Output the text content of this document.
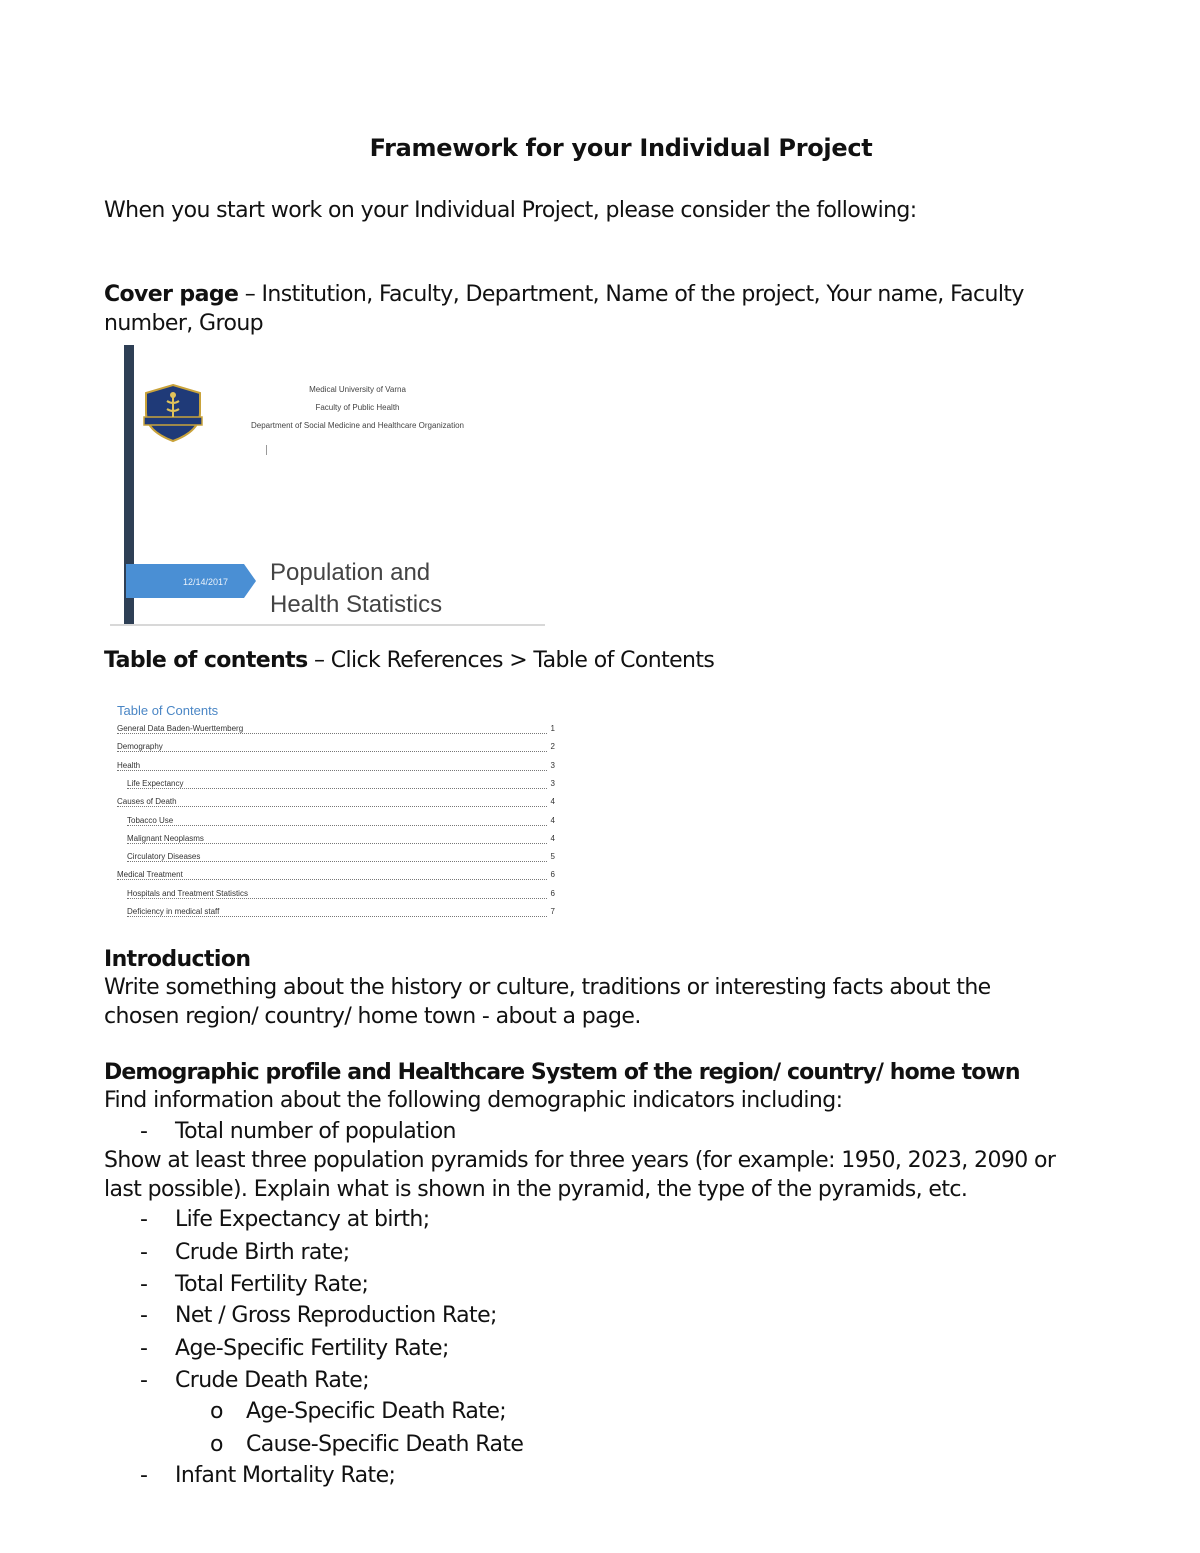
Framework for your Individual Project
When you start work on your Individual Project, please consider the following:
Cover page – Institution, Faculty, Department, Name of the project, Your name, Faculty
number, Group
Medical University of Varna
Faculty of Public Health
Department of Social Medicine and Healthcare Organization
12/14/2017 Population and
Health Statistics
Table of contents – Click References > Table of Contents
Table of Contents
General Data Baden-Wuerttemberg	1
Demography	2
Health	3
Life Expectancy	3
Causes of Death	4
Tobacco Use	4
Malignant Neoplasms	4
Circulatory Diseases	5
Medical Treatment	6
Hospitals and Treatment Statistics	6
Deficiency in medical staff	7
Introduction
Write something about the history or culture, traditions or interesting facts about the
chosen region/ country/ home town - about a page.
Demographic profile and Healthcare System of the region/ country/ home town
Find information about the following demographic indicators including:
- Total number of population
Show at least three population pyramids for three years (for example: 1950, 2023, 2090 or
last possible). Explain what is shown in the pyramid, the type of the pyramids, etc.
- Life Expectancy at birth;
- Crude Birth rate;
- Total Fertility Rate;
- Net / Gross Reproduction Rate;
- Age-Specific Fertility Rate;
- Crude Death Rate;
o Age-Specific Death Rate;
o Cause-Specific Death Rate
- Infant Mortality Rate;
